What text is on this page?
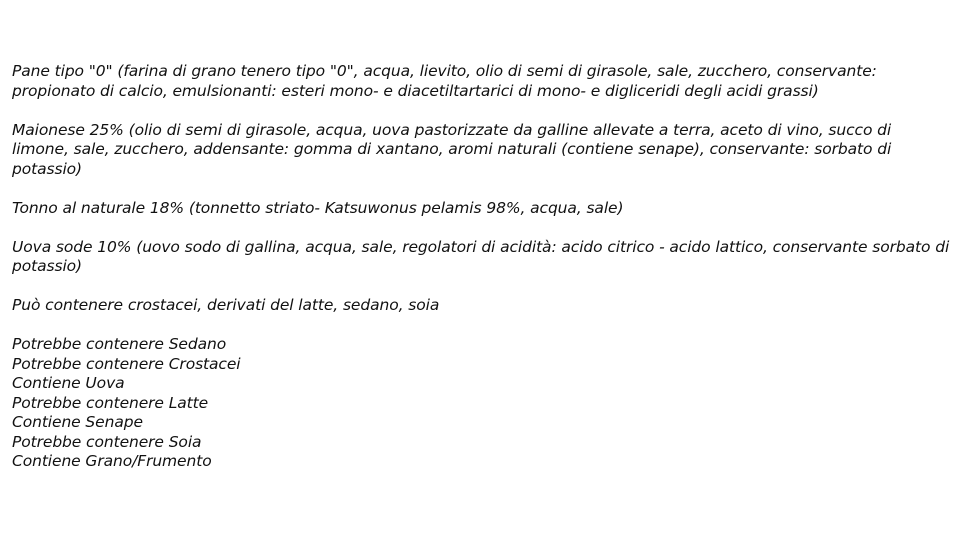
Pane tipo "0" (farina di grano tenero tipo "0", acqua, lievito, olio di semi di girasole, sale, zucchero, conservante: propionato di calcio, emulsionanti: esteri mono- e diacetiltartarici di mono- e digliceridi degli acidi grassi)

Maionese 25% (olio di semi di girasole, acqua, uova pastorizzate da galline allevate a terra, aceto di vino, succo di limone, sale, zucchero, addensante: gomma di xantano, aromi naturali (contiene senape), conservante: sorbato di potassio)

Tonno al naturale 18% (tonnetto striato- Katsuwonus pelamis 98%, acqua, sale)

Uova sode 10% (uovo sodo di gallina, acqua, sale, regolatori di acidità: acido citrico - acido lattico, conservante sorbato di potassio)

Può contenere crostacei, derivati del latte, sedano, soia

Potrebbe contenere Sedano
Potrebbe contenere Crostacei
Contiene Uova
Potrebbe contenere Latte
Contiene Senape
Potrebbe contenere Soia
Contiene Grano/Frumento
